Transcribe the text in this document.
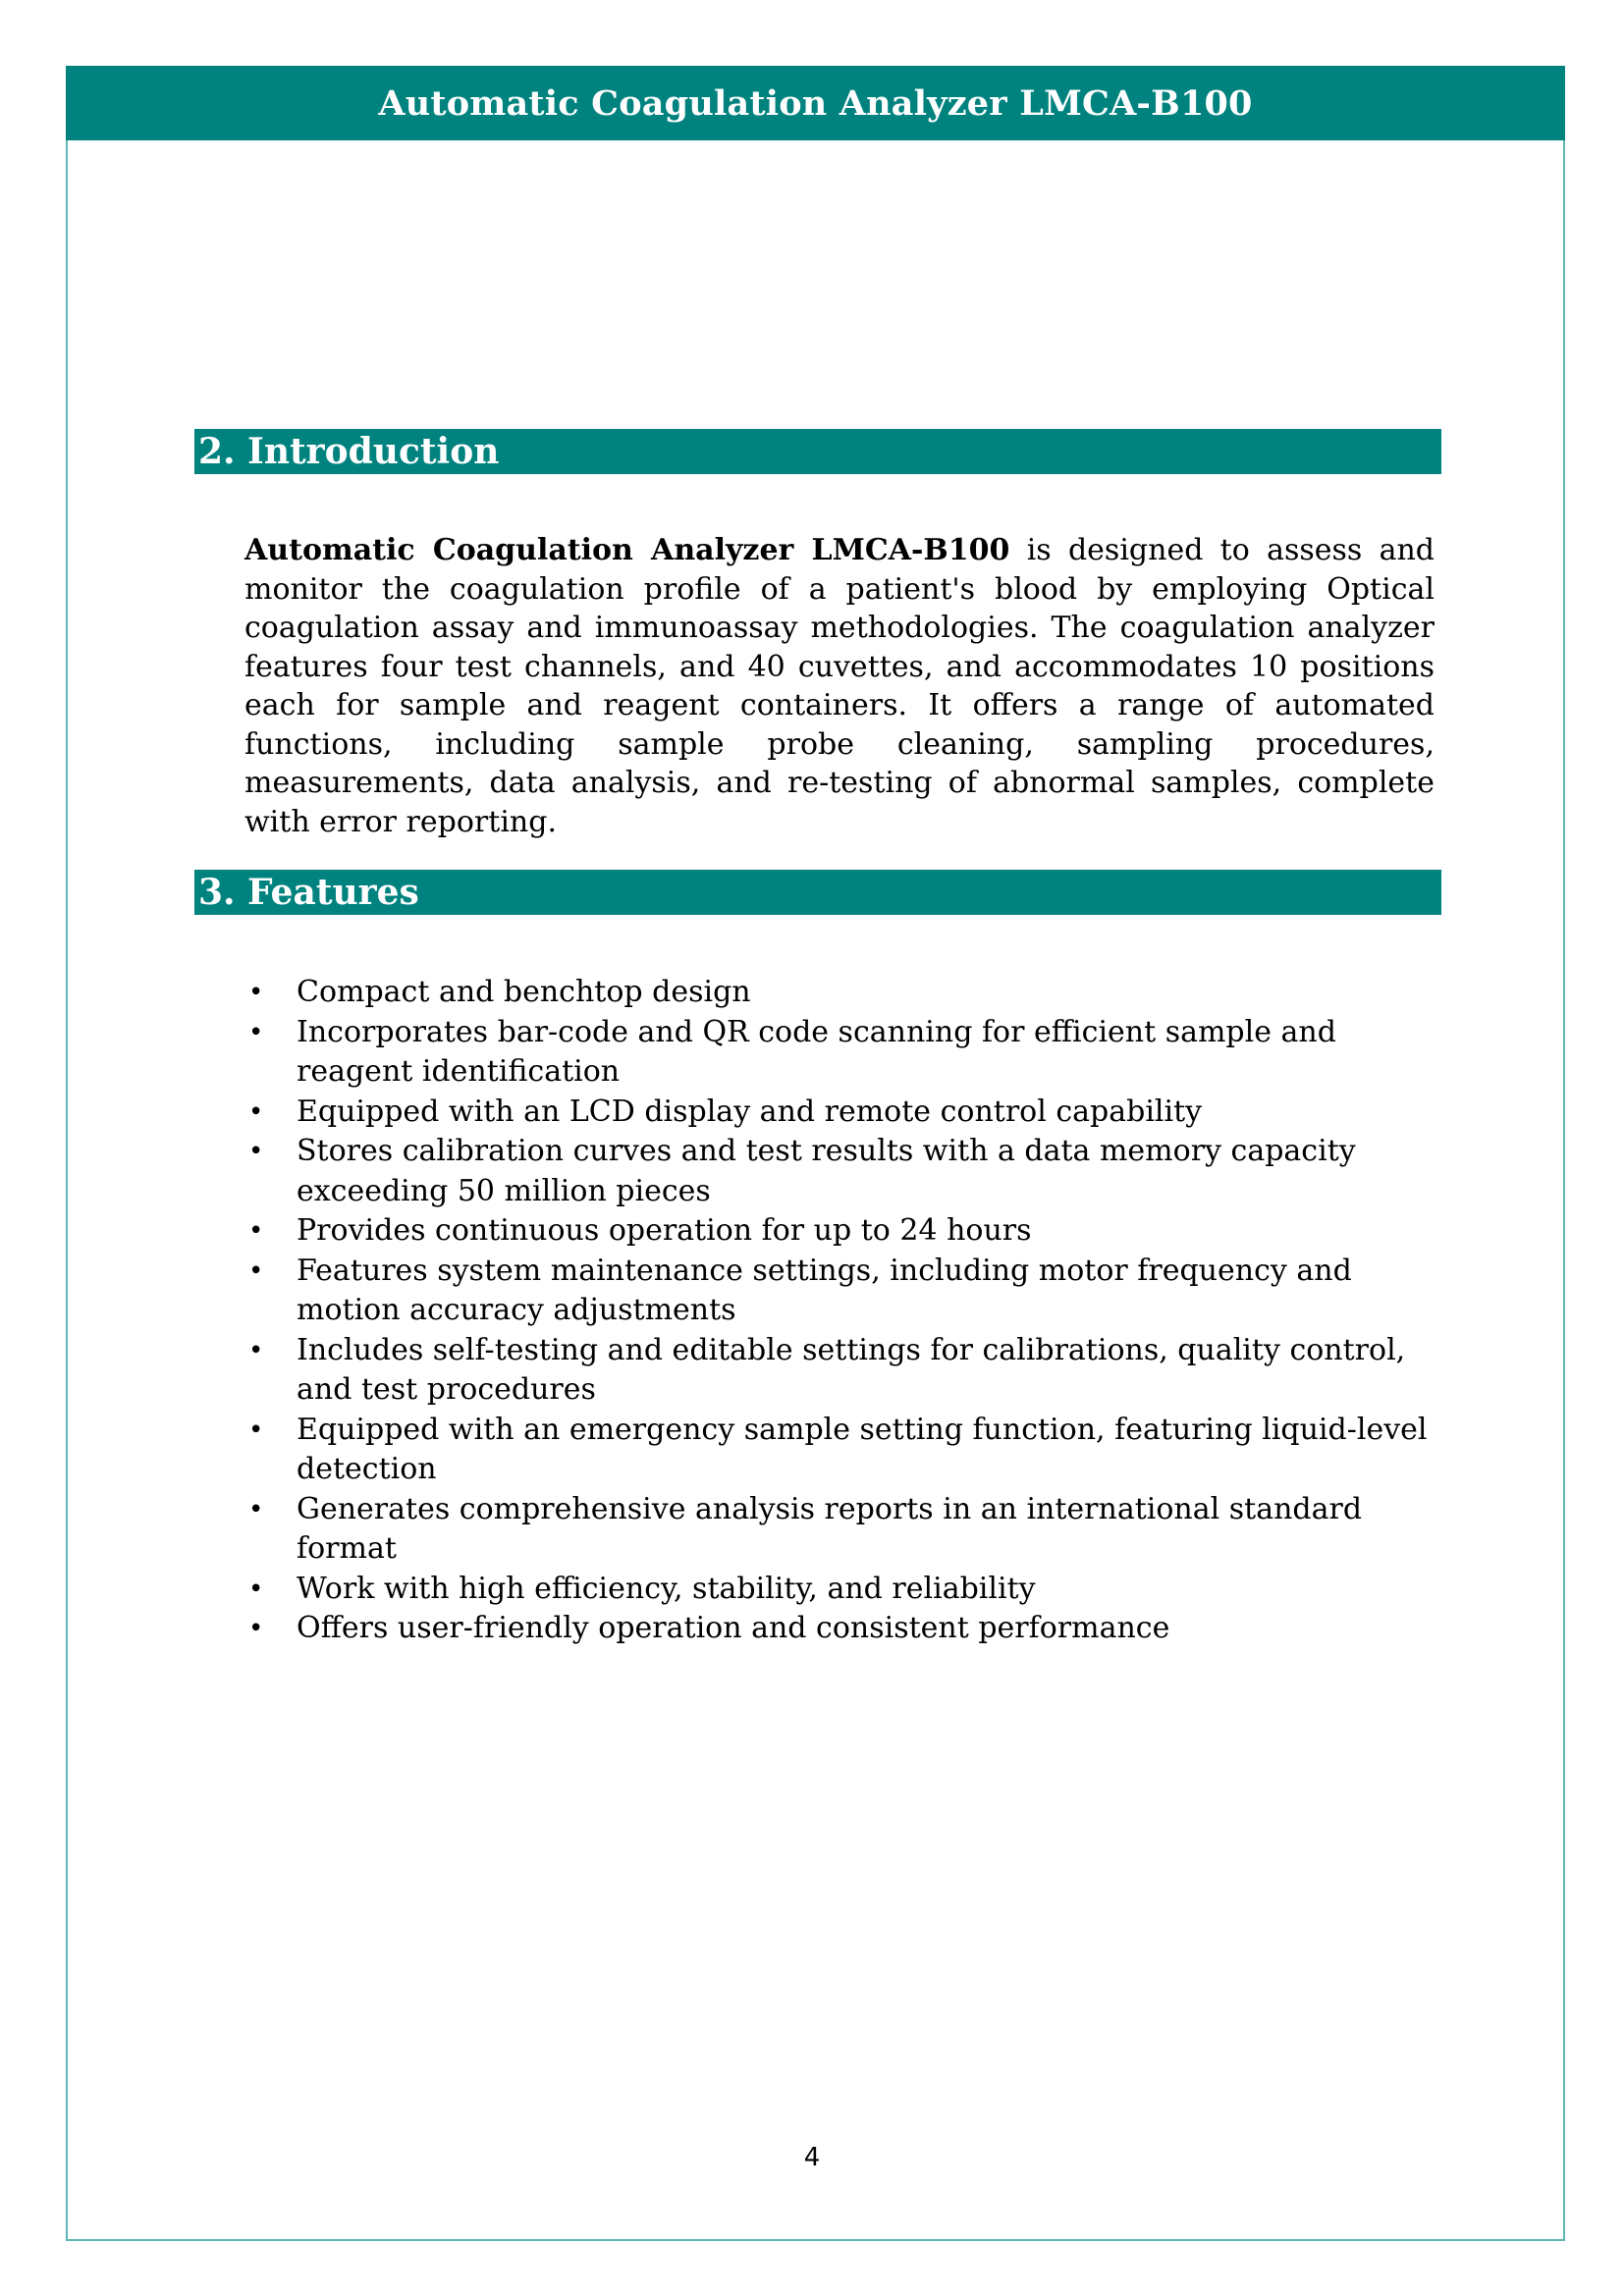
Automatic Coagulation Analyzer LMCA-B100
2. Introduction

Automatic Coagulation Analyzer LMCA-B100 is designed to assess and monitor the coagulation profile of a patient's blood by employing Optical coagulation assay and immunoassay methodologies. The coagulation analyzer features four test channels, and 40 cuvettes, and accommodates 10 positions each for sample and reagent containers. It offers a range of automated functions, including sample probe cleaning, sampling procedures, measurements, data analysis, and re-testing of abnormal samples, complete with error reporting.

3. Features
• Compact and benchtop design
• Incorporates bar-code and QR code scanning for efficient sample and reagent identification
• Equipped with an LCD display and remote control capability
• Stores calibration curves and test results with a data memory capacity exceeding 50 million pieces
• Provides continuous operation for up to 24 hours
• Features system maintenance settings, including motor frequency and motion accuracy adjustments
• Includes self-testing and editable settings for calibrations, quality control, and test procedures
• Equipped with an emergency sample setting function, featuring liquid-level detection
• Generates comprehensive analysis reports in an international standard format
• Work with high efficiency, stability, and reliability
• Offers user-friendly operation and consistent performance
4
